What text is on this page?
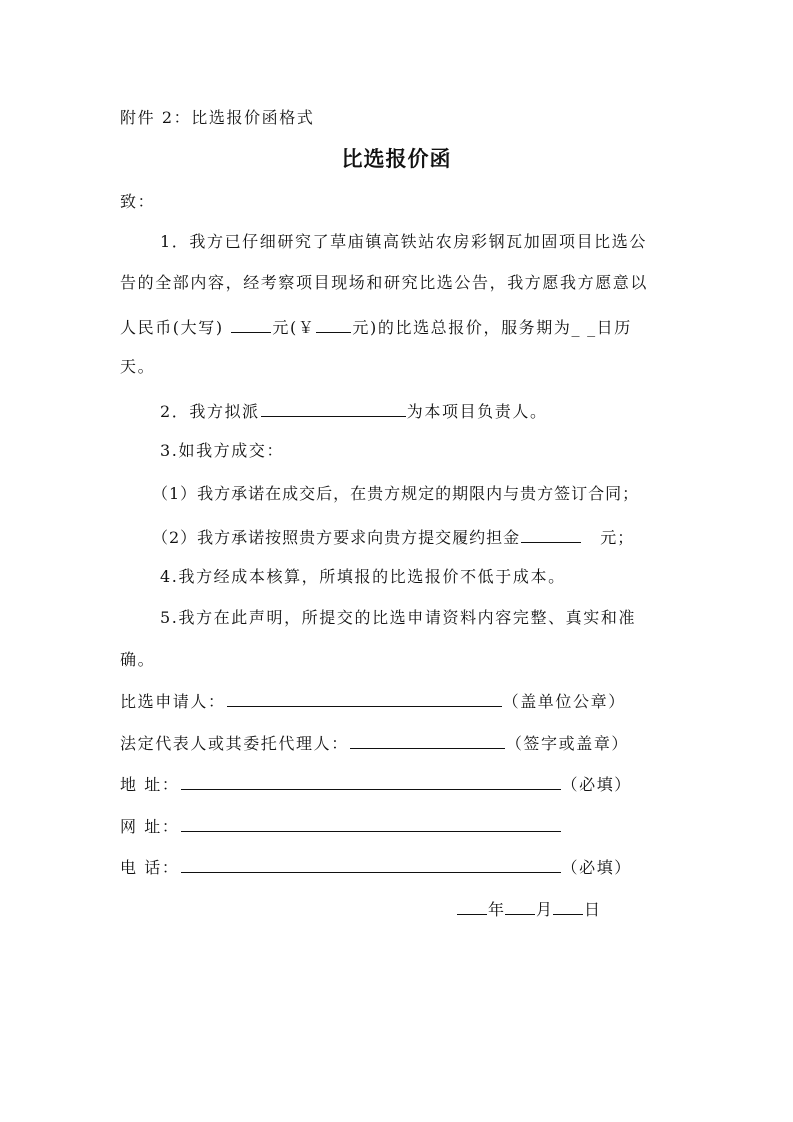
附件 2：比选报价函格式
比选报价函
致：
1．我方已仔细研究了草庙镇高铁站农房彩钢瓦加固项目比选公
告的全部内容，经考察项目现场和研究比选公告，我方愿我方愿意以
人民币(大写)	元(￥ 元)的比选总报价，服务期为_ _日历
天。
2．我方拟派	为本项目负责人。
3.如我方成交：
（1）我方承诺在成交后，在贵方规定的期限内与贵方签订合同；
（2）我方承诺按照贵方要求向贵方提交履约担金	元；
4.我方经成本核算，所填报的比选报价不低于成本。
5.我方在此声明，所提交的比选申请资料内容完整、真实和准
确。
比选申请人：	（盖单位公章）
法定代表人或其委托代理人：	（签字或盖章）
地 址：	（必填）
网 址：
电 话：	（必填）
年 月 日
